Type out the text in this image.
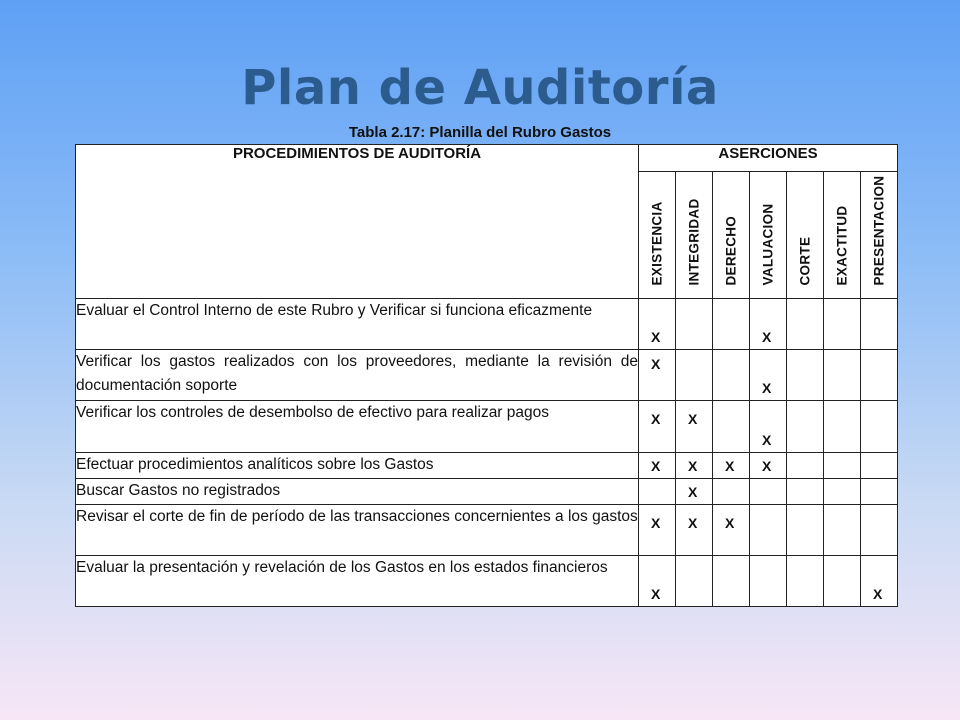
Plan de Auditoría
Tabla 2.17: Planilla del Rubro Gastos
PROCEDIMIENTOS DE AUDITORÍA	ASERCIONES						

	EXISTENCIA	INTEGRIDAD	DERECHO	VALUACION	CORTE	EXACTITUD	PRESENTACION

Evaluar el Control Interno de este Rubro y Verificar si funciona eficazmente	X			X			

Verificar los gastos realizados con los proveedores, mediante la revisión de documentación soporte	X			X			

Verificar los controles de desembolso de efectivo para realizar pagos	X	X		X			

Efectuar procedimientos analíticos sobre los Gastos	X	X	X	X			

Buscar Gastos no registrados		X					

Revisar el corte de fin de período de las transacciones concernientes a los gastos	X	X	X				

Evaluar la presentación y revelación de los Gastos en los estados financieros	X						X
